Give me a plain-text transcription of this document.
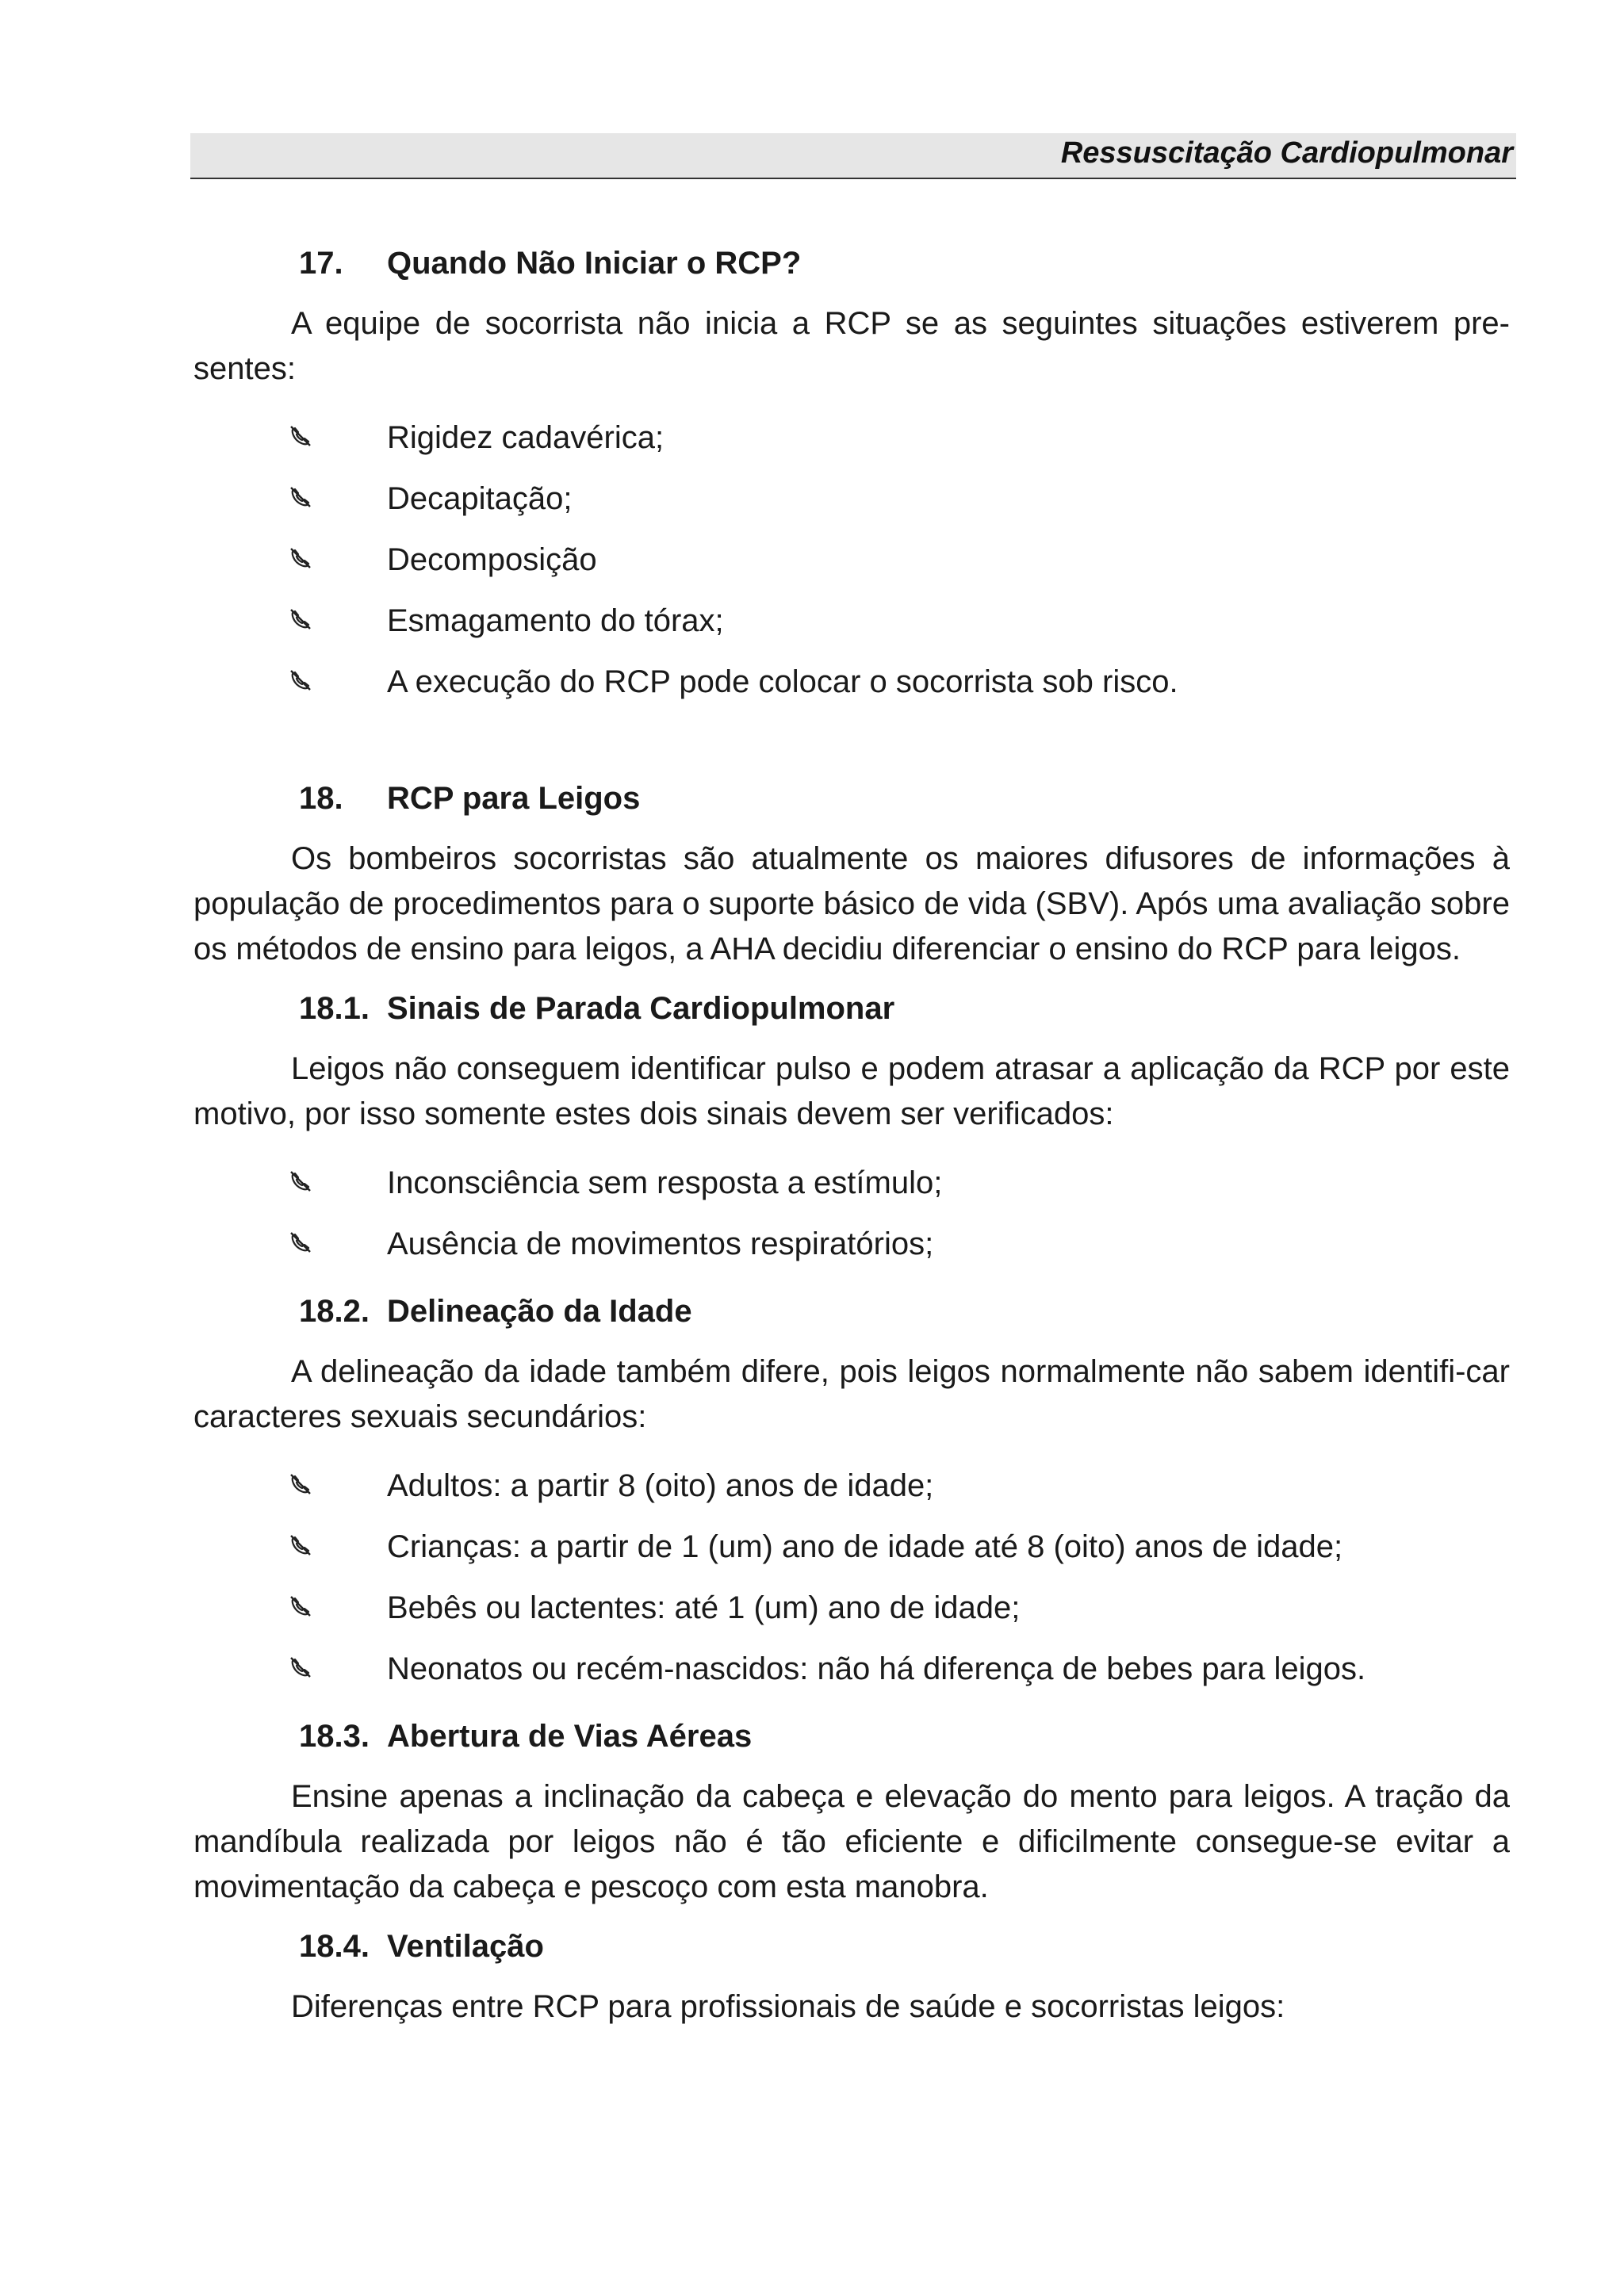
Ressuscitação Cardiopulmonar
17.	Quando Não Iniciar o RCP?

A equipe de socorrista não inicia a RCP se as seguintes situações estiverem pre-sentes:

Rigidez cadavérica;
Decapitação;
Decomposição
Esmagamento do tórax;
A execução do RCP pode colocar o socorrista sob risco.
18.	RCP para Leigos

Os bombeiros socorristas são atualmente os maiores difusores de informações à população de procedimentos para o suporte básico de vida (SBV). Após uma avaliação sobre os métodos de ensino para leigos, a AHA decidiu diferenciar o ensino do RCP para leigos.

18.1. Sinais de Parada Cardiopulmonar

Leigos não conseguem identificar pulso e podem atrasar a aplicação da RCP por este motivo, por isso somente estes dois sinais devem ser verificados:

Inconsciência sem resposta a estímulo;
Ausência de movimentos respiratórios;
18.2. Delineação da Idade

A delineação da idade também difere, pois leigos normalmente não sabem identifi-car caracteres sexuais secundários:

Adultos: a partir 8 (oito) anos de idade;
Crianças: a partir de 1 (um) ano de idade até 8 (oito) anos de idade;
Bebês ou lactentes: até 1 (um) ano de idade;
Neonatos ou recém-nascidos: não há diferença de bebes para leigos.
18.3. Abertura de Vias Aéreas

Ensine apenas a inclinação da cabeça e elevação do mento para leigos. A tração da mandíbula realizada por leigos não é tão eficiente e dificilmente consegue-se evitar a movimentação da cabeça e pescoço com esta manobra.

18.4. Ventilação

Diferenças entre RCP para profissionais de saúde e socorristas leigos:
